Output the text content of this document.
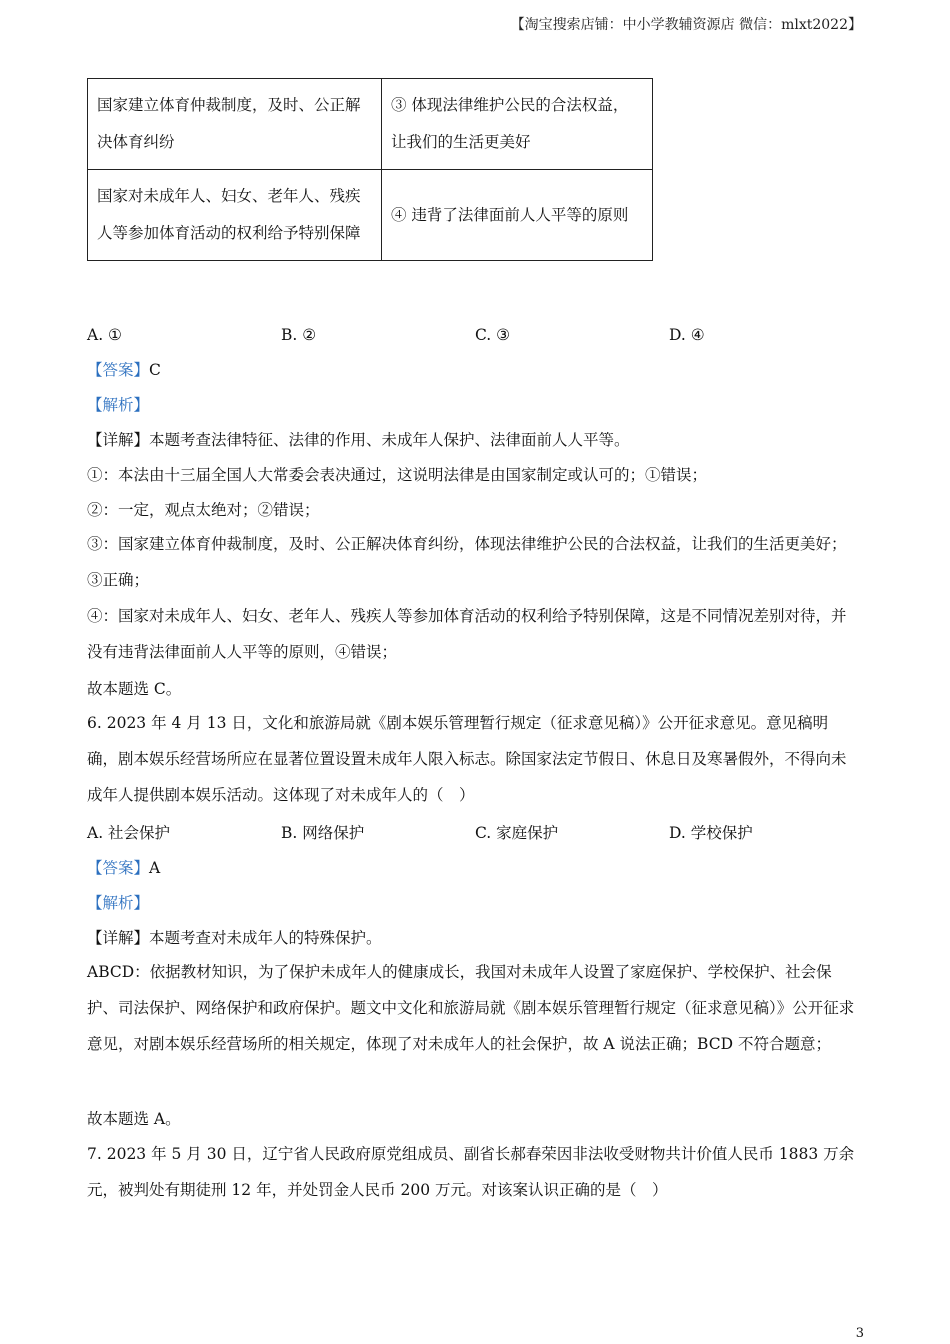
【淘宝搜索店铺：中小学教辅资源店 微信：mlxt2022】
国家建立体育仲裁制度，及时、公正解决体育纠纷	③ 体现法律维护公民的合法权益，让我们的生活更美好
国家对未成年人、妇女、老年人、残疾人等参加体育活动的权利给予特别保障	④ 违背了法律面前人人平等的原则
A. ①	B. ②	C. ③	D. ④
【答案】C
【解析】
【详解】本题考查法律特征、法律的作用、未成年人保护、法律面前人人平等。
①：本法由十三届全国人大常委会表决通过，这说明法律是由国家制定或认可的；①错误；
②：一定，观点太绝对；②错误；
③：国家建立体育仲裁制度，及时、公正解决体育纠纷，体现法律维护公民的合法权益，让我们的生活更美好；③正确；
④：国家对未成年人、妇女、老年人、残疾人等参加体育活动的权利给予特别保障，这是不同情况差别对待，并没有违背法律面前人人平等的原则，④错误；
故本题选 C。
6. 2023 年 4 月 13 日，文化和旅游局就《剧本娱乐管理暂行规定（征求意见稿）》公开征求意见。意见稿明确，剧本娱乐经营场所应在显著位置设置未成年人限入标志。除国家法定节假日、休息日及寒暑假外，不得向未成年人提供剧本娱乐活动。这体现了对未成年人的（　）
A. 社会保护	B. 网络保护	C. 家庭保护	D. 学校保护
【答案】A
【解析】
【详解】本题考查对未成年人的特殊保护。
ABCD：依据教材知识，为了保护未成年人的健康成长，我国对未成年人设置了家庭保护、学校保护、社会保护、司法保护、网络保护和政府保护。题文中文化和旅游局就《剧本娱乐管理暂行规定（征求意见稿）》公开征求意见，对剧本娱乐经营场所的相关规定，体现了对未成年人的社会保护，故 A 说法正确；BCD 不符合题意；
故本题选 A。
7. 2023 年 5 月 30 日，辽宁省人民政府原党组成员、副省长郝春荣因非法收受财物共计价值人民币 1883 万余元，被判处有期徒刑 12 年，并处罚金人民币 200 万元。对该案认识正确的是（　）
3
